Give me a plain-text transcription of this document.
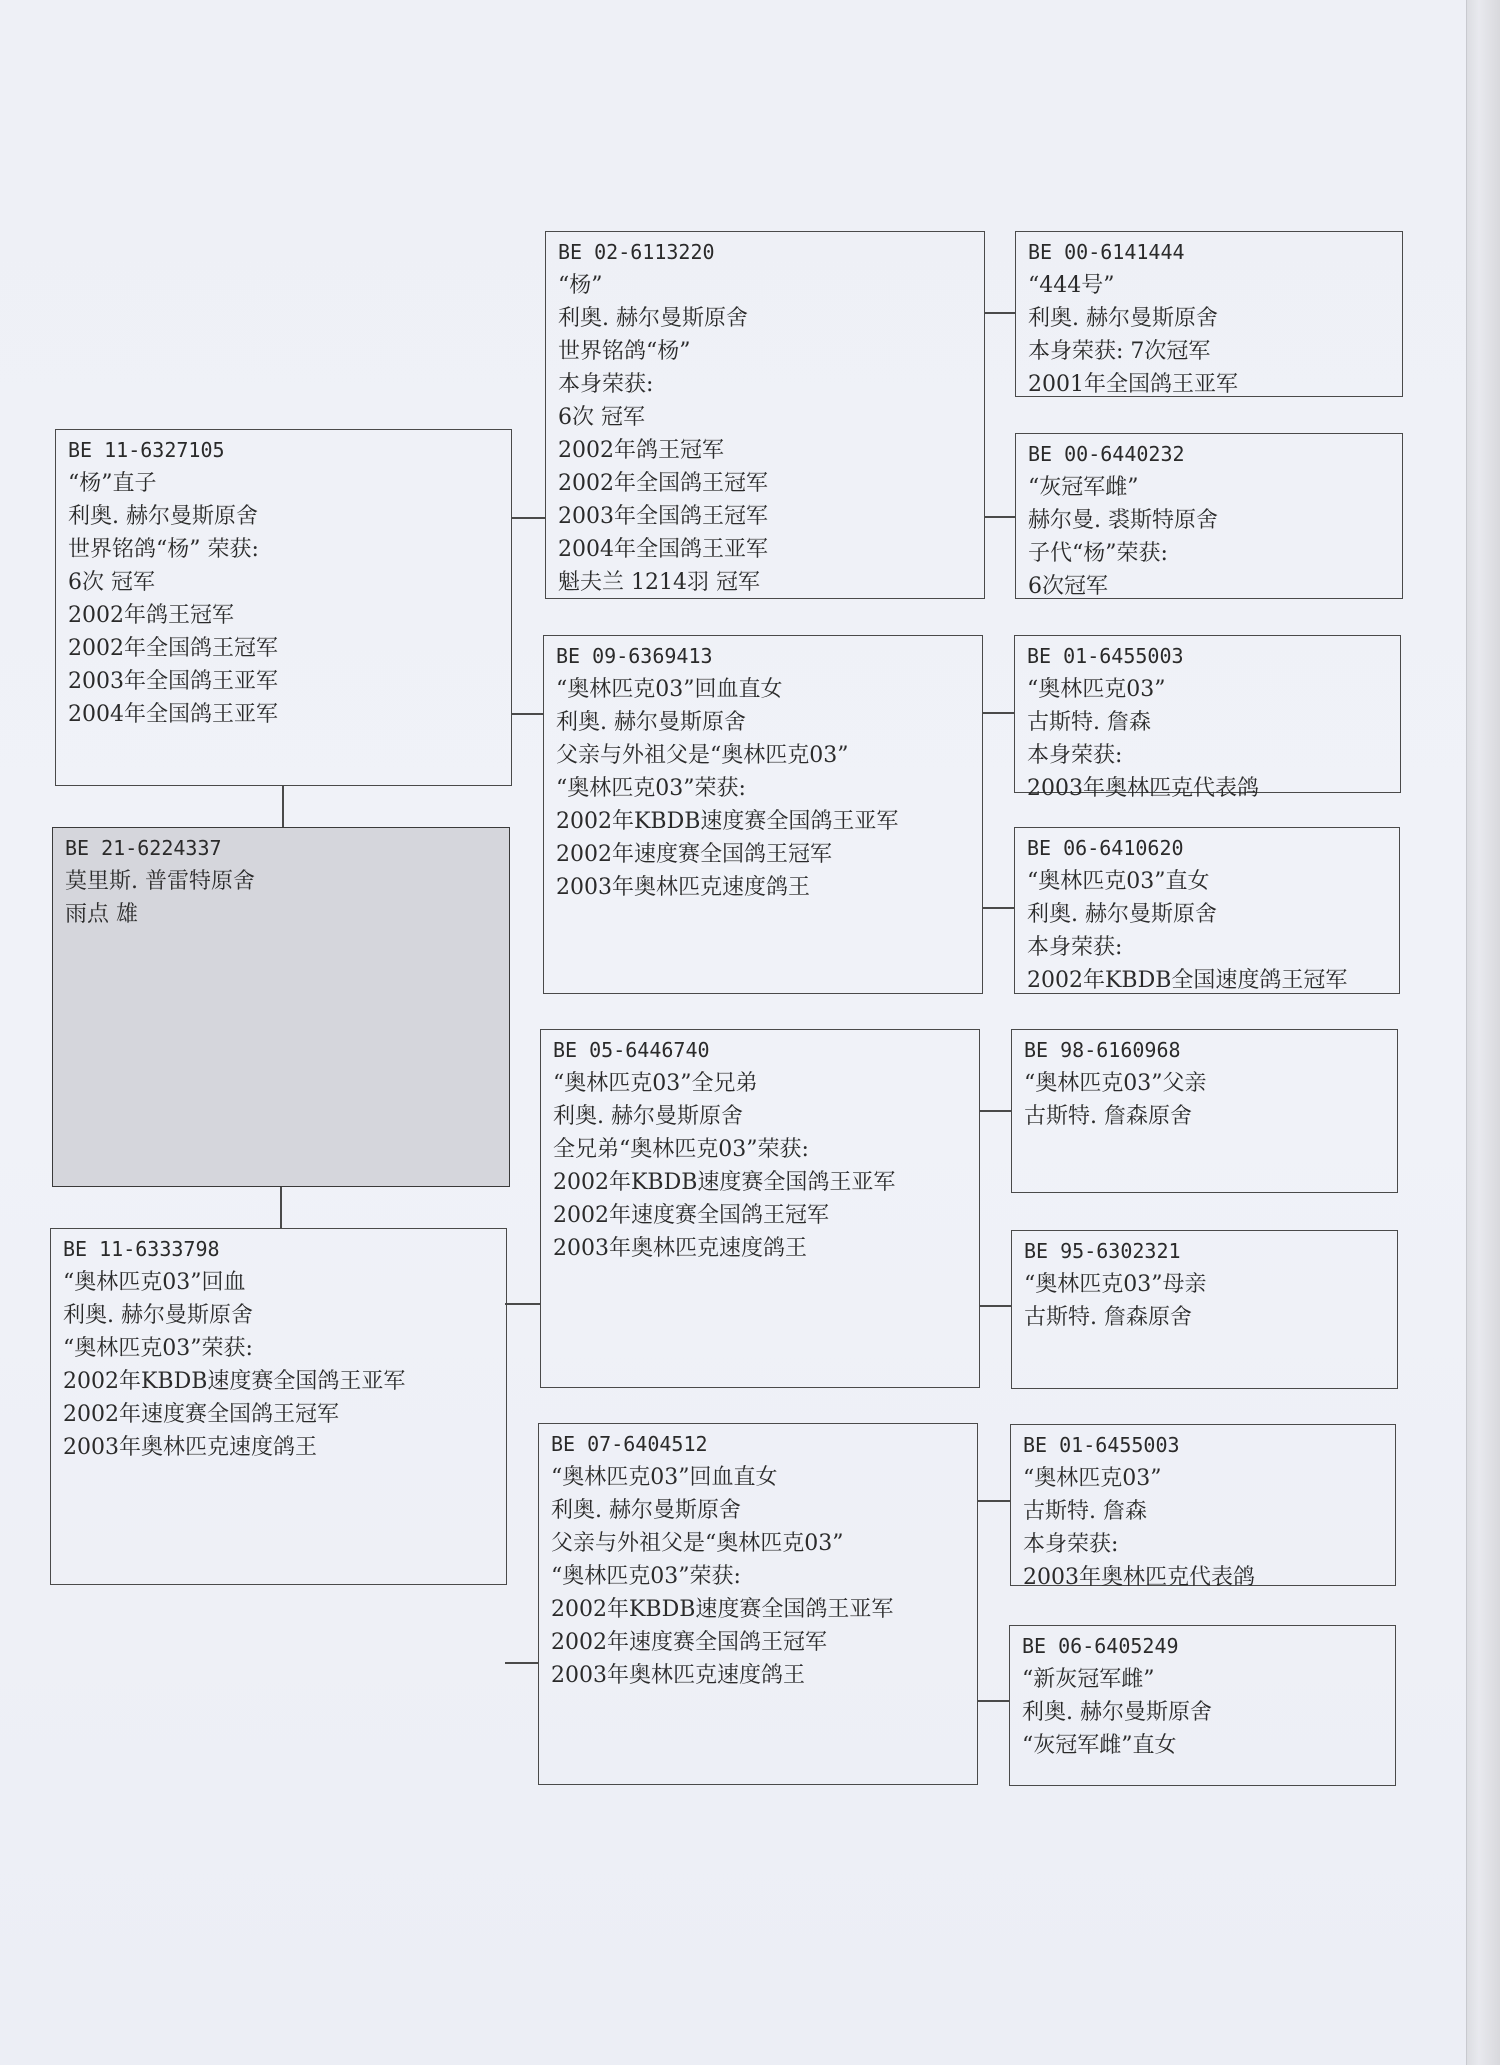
BE 21-6224337
莫里斯. 普雷特原舍
雨点 雄
BE 11-6327105
“杨”直子
利奥. 赫尔曼斯原舍
世界铭鸽“杨” 荣获:
6次 冠军
2002年鸽王冠军
2002年全国鸽王冠军
2003年全国鸽王亚军
2004年全国鸽王亚军
BE 11-6333798
“奥林匹克03”回血
利奥. 赫尔曼斯原舍
“奥林匹克03”荣获:
2002年KBDB速度赛全国鸽王亚军
2002年速度赛全国鸽王冠军
2003年奥林匹克速度鸽王
BE 02-6113220
“杨”
利奥. 赫尔曼斯原舍
世界铭鸽“杨”
本身荣获:
6次 冠军
2002年鸽王冠军
2002年全国鸽王冠军
2003年全国鸽王冠军
2004年全国鸽王亚军
魁夫兰 1214羽 冠军
BE 09-6369413
“奥林匹克03”回血直女
利奥. 赫尔曼斯原舍
父亲与外祖父是“奥林匹克03”
“奥林匹克03”荣获:
2002年KBDB速度赛全国鸽王亚军
2002年速度赛全国鸽王冠军
2003年奥林匹克速度鸽王
BE 05-6446740
“奥林匹克03”全兄弟
利奥. 赫尔曼斯原舍
全兄弟“奥林匹克03”荣获:
2002年KBDB速度赛全国鸽王亚军
2002年速度赛全国鸽王冠军
2003年奥林匹克速度鸽王
BE 07-6404512
“奥林匹克03”回血直女
利奥. 赫尔曼斯原舍
父亲与外祖父是“奥林匹克03”
“奥林匹克03”荣获:
2002年KBDB速度赛全国鸽王亚军
2002年速度赛全国鸽王冠军
2003年奥林匹克速度鸽王
BE 00-6141444
“444号”
利奥. 赫尔曼斯原舍
本身荣获: 7次冠军
2001年全国鸽王亚军
BE 00-6440232
“灰冠军雌”
赫尔曼. 裘斯特原舍
子代“杨”荣获:
6次冠军
BE 01-6455003
“奥林匹克03”
古斯特. 詹森
本身荣获:
2003年奥林匹克代表鸽
BE 06-6410620
“奥林匹克03”直女
利奥. 赫尔曼斯原舍
本身荣获:
2002年KBDB全国速度鸽王冠军
BE 98-6160968
“奥林匹克03”父亲
古斯特. 詹森原舍
BE 95-6302321
“奥林匹克03”母亲
古斯特. 詹森原舍
BE 01-6455003
“奥林匹克03”
古斯特. 詹森
本身荣获:
2003年奥林匹克代表鸽
BE 06-6405249
“新灰冠军雌”
利奥. 赫尔曼斯原舍
“灰冠军雌”直女
